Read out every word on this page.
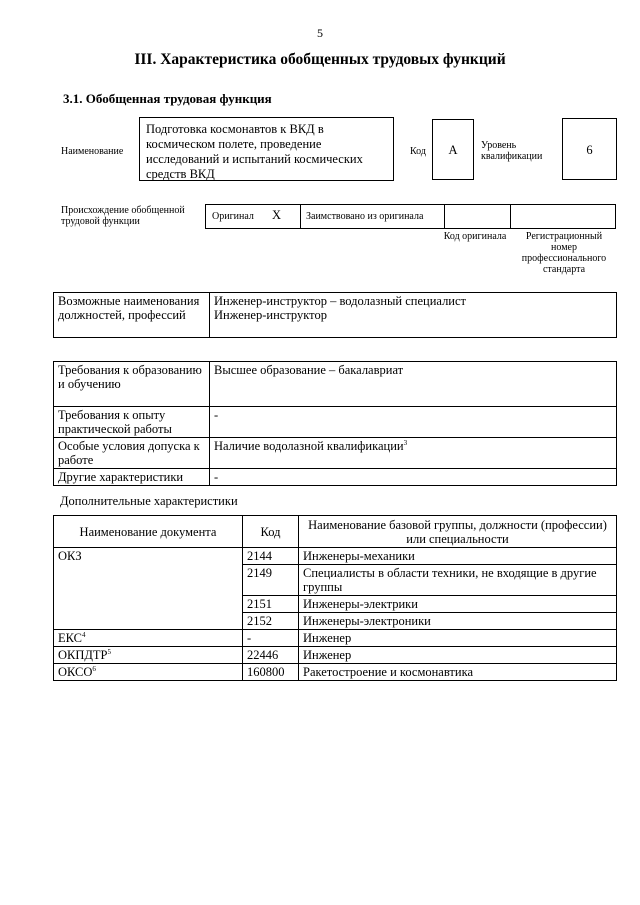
5
III. Характеристика обобщенных трудовых функций
3.1. Обобщенная трудовая функция
Наименование
Подготовка космонавтов к ВКД в космическом полете, проведение исследований и испытаний космических средств ВКД
Код	А	Уровень квалификации	6
Происхождение обобщенной трудовой функции	Оригинал Х Заимствовано из оригинала
Код оригинала	Регистрационный номер профессионального стандарта
Возможные наименования должностей, профессий	
Инженер-инструктор – водолазный специалист
Инженер-инструктор
Требования к образованию и обучению	Высшее образование – бакалавриат
Требования к опыту практической работы	-
Особые условия допуска к работе	Наличие водолазной квалификации$^3$
Другие характеристики	-
Дополнительные характеристики
Наименование документа	Код	Наименование базовой группы, должности (профессии) или специальности
ОКЗ	2144	Инженеры-механики
	2149	Специалисты в области техники, не входящие в другие группы
	2151	Инженеры-электрики
	2152	Инженеры-электроники
ЕКС$^4$	-	Инженер
ОКПДТР$^5$	22446	Инженер
ОКСО$^6$	160800	Ракетостроение и космонавтика
